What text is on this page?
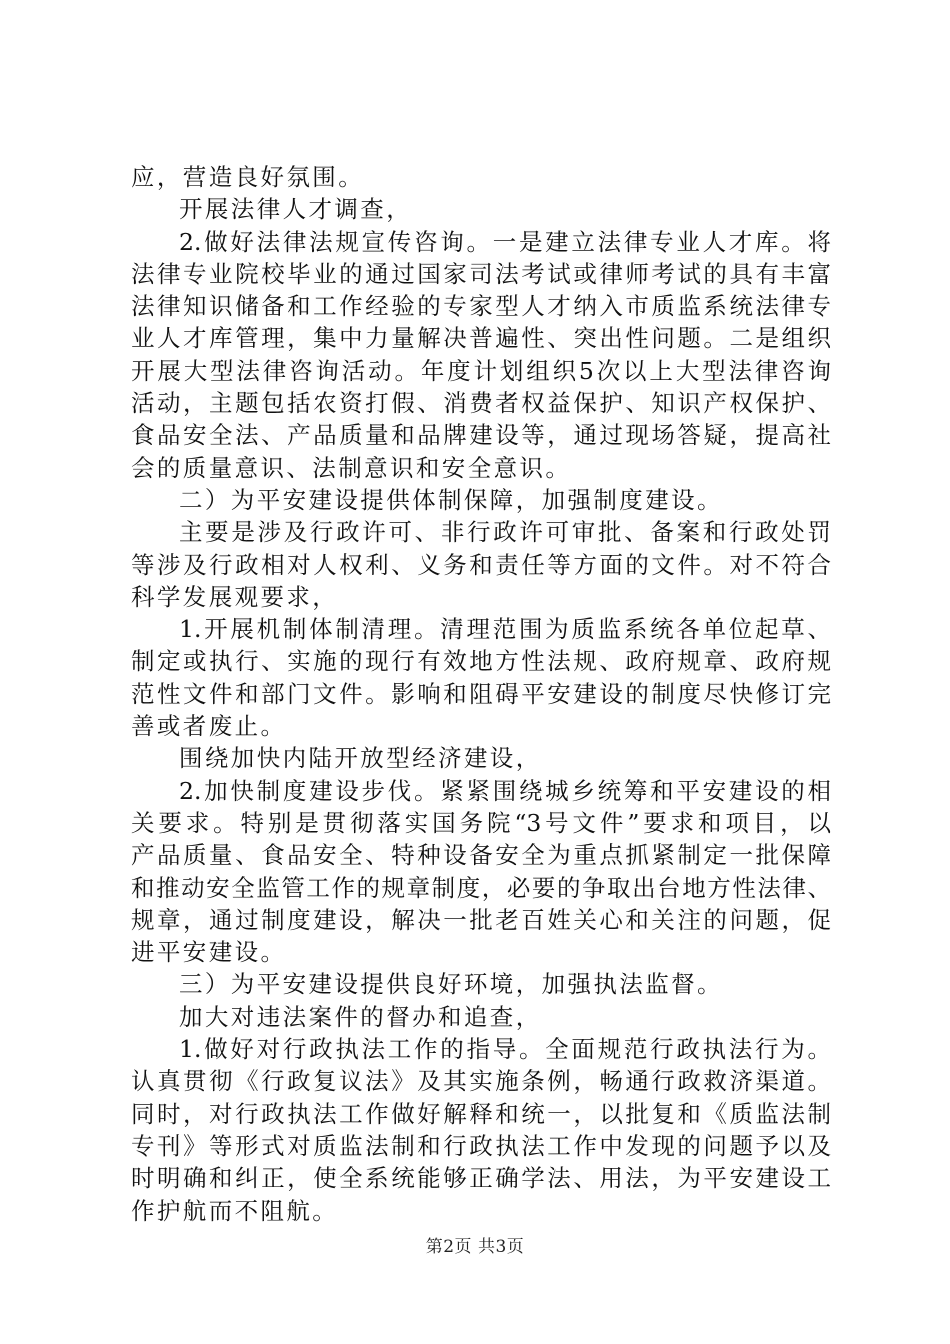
应，营造良好氛围。
开展法律人才调查，
2.做好法律法规宣传咨询。一是建立法律专业人才库。将
法律专业院校毕业的通过国家司法考试或律师考试的具有丰富
法律知识储备和工作经验的专家型人才纳入市质监系统法律专
业人才库管理，集中力量解决普遍性、突出性问题。二是组织
开展大型法律咨询活动。年度计划组织5次以上大型法律咨询
活动，主题包括农资打假、消费者权益保护、知识产权保护、
食品安全法、产品质量和品牌建设等，通过现场答疑，提高社
会的质量意识、法制意识和安全意识。
二）为平安建设提供体制保障，加强制度建设。
主要是涉及行政许可、非行政许可审批、备案和行政处罚
等涉及行政相对人权利、义务和责任等方面的文件。对不符合
科学发展观要求，
1.开展机制体制清理。清理范围为质监系统各单位起草、
制定或执行、实施的现行有效地方性法规、政府规章、政府规
范性文件和部门文件。影响和阻碍平安建设的制度尽快修订完
善或者废止。
围绕加快内陆开放型经济建设，
2.加快制度建设步伐。紧紧围绕城乡统筹和平安建设的相
关要求。特别是贯彻落实国务院“3号文件”要求和项目，以
产品质量、食品安全、特种设备安全为重点抓紧制定一批保障
和推动安全监管工作的规章制度，必要的争取出台地方性法律、
规章，通过制度建设，解决一批老百姓关心和关注的问题，促
进平安建设。
三）为平安建设提供良好环境，加强执法监督。
加大对违法案件的督办和追查，
1.做好对行政执法工作的指导。全面规范行政执法行为。
认真贯彻《行政复议法》及其实施条例，畅通行政救济渠道。
同时，对行政执法工作做好解释和统一，以批复和《质监法制
专刊》等形式对质监法制和行政执法工作中发现的问题予以及
时明确和纠正，使全系统能够正确学法、用法，为平安建设工
作护航而不阻航。
第2页 共3页
